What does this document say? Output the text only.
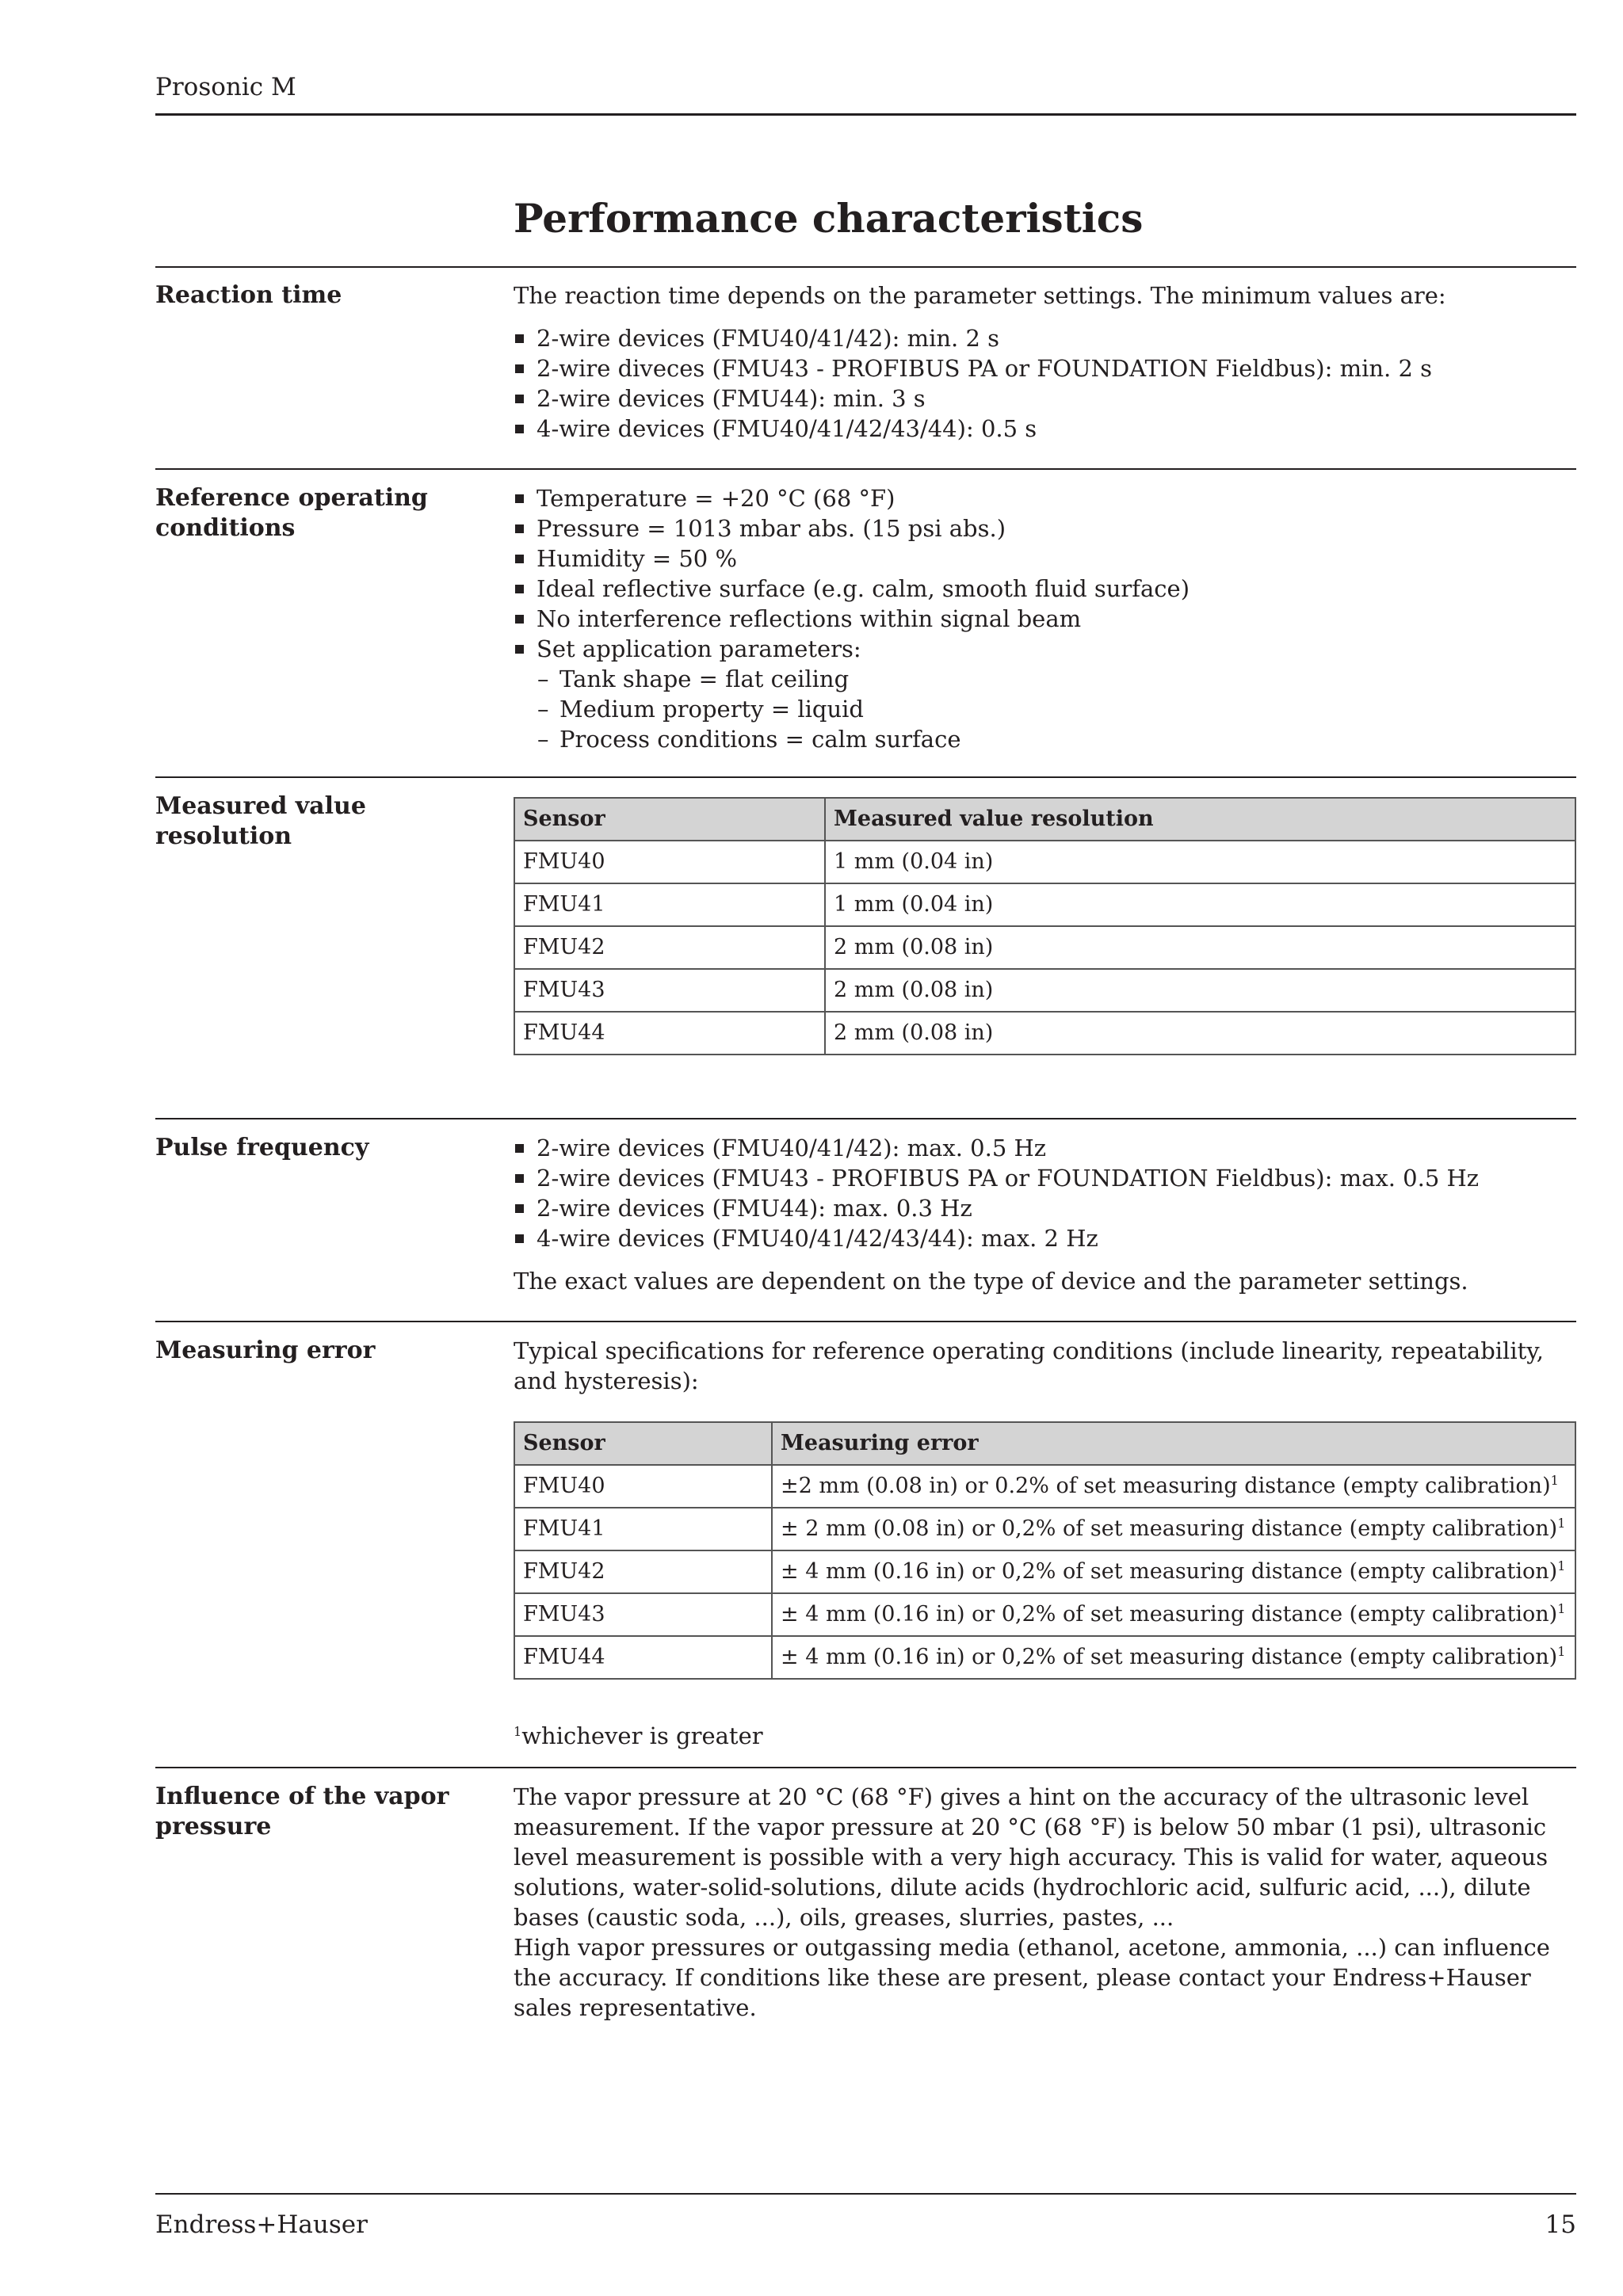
Prosonic M
Performance characteristics
Reaction time	The reaction time depends on the parameter settings. The minimum values are:

2-wire devices (FMU40/41/42): min. 2 s
2-wire diveces (FMU43 - PROFIBUS PA or FOUNDATION Fieldbus): min. 2 s
2-wire devices (FMU44): min. 3 s
4-wire devices (FMU40/41/42/43/44): 0.5 s
Reference operating
conditions
Temperature = +20 °C (68 °F)
Pressure = 1013 mbar abs. (15 psi abs.)
Humidity = 50 %
Ideal reflective surface (e.g. calm, smooth fluid surface)
No interference reflections within signal beam
Set application parameters:
– Tank shape = flat ceiling
– Medium property = liquid
– Process conditions = calm surface
Measured value resolution
Sensor	Measured value resolution
FMU40	1 mm (0.04 in)
FMU41	1 mm (0.04 in)
FMU42	2 mm (0.08 in)
FMU43	2 mm (0.08 in)
FMU44	2 mm (0.08 in)
Pulse frequency	2-wire devices (FMU40/41/42): max. 0.5 Hz
2-wire devices (FMU43 - PROFIBUS PA or FOUNDATION Fieldbus): max. 0.5 Hz
2-wire devices (FMU44): max. 0.3 Hz
4-wire devices (FMU40/41/42/43/44): max. 2 Hz

The exact values are dependent on the type of device and the parameter settings.

Measuring error	Typical specifications for reference operating conditions (include linearity, repeatability, and hysteresis):

Sensor	Measuring error
FMU40	±2 mm (0.08 in) or 0.2% of set measuring distance (empty calibration)$^1$
FMU41	± 2 mm (0.08 in) or 0,2% of set measuring distance (empty calibration)$^1$
FMU42	± 4 mm (0.16 in) or 0,2% of set measuring distance (empty calibration)$^1$
FMU43	± 4 mm (0.16 in) or 0,2% of set measuring distance (empty calibration)$^1$
FMU44	± 4 mm (0.16 in) or 0,2% of set measuring distance (empty calibration)$^1$

$^1$whichever is greater

Influence of the vapor
pressure

The vapor pressure at 20 °C (68 °F) gives a hint on the accuracy of the ultrasonic level measurement. If the vapor pressure at 20 °C (68 °F) is below 50 mbar (1 psi), ultrasonic level measurement is possible with a very high accuracy. This is valid for water, aqueous solutions, water-solid-solutions, dilute acids (hydrochloric acid, sulfuric acid, ...), dilute bases (caustic soda, ...), oils, greases, slurries, pastes, ...

High vapor pressures or outgassing media (ethanol, acetone, ammonia, ...) can influence the accuracy. If conditions like these are present, please contact your Endress+Hauser sales representative.

Endress+Hauser	15
